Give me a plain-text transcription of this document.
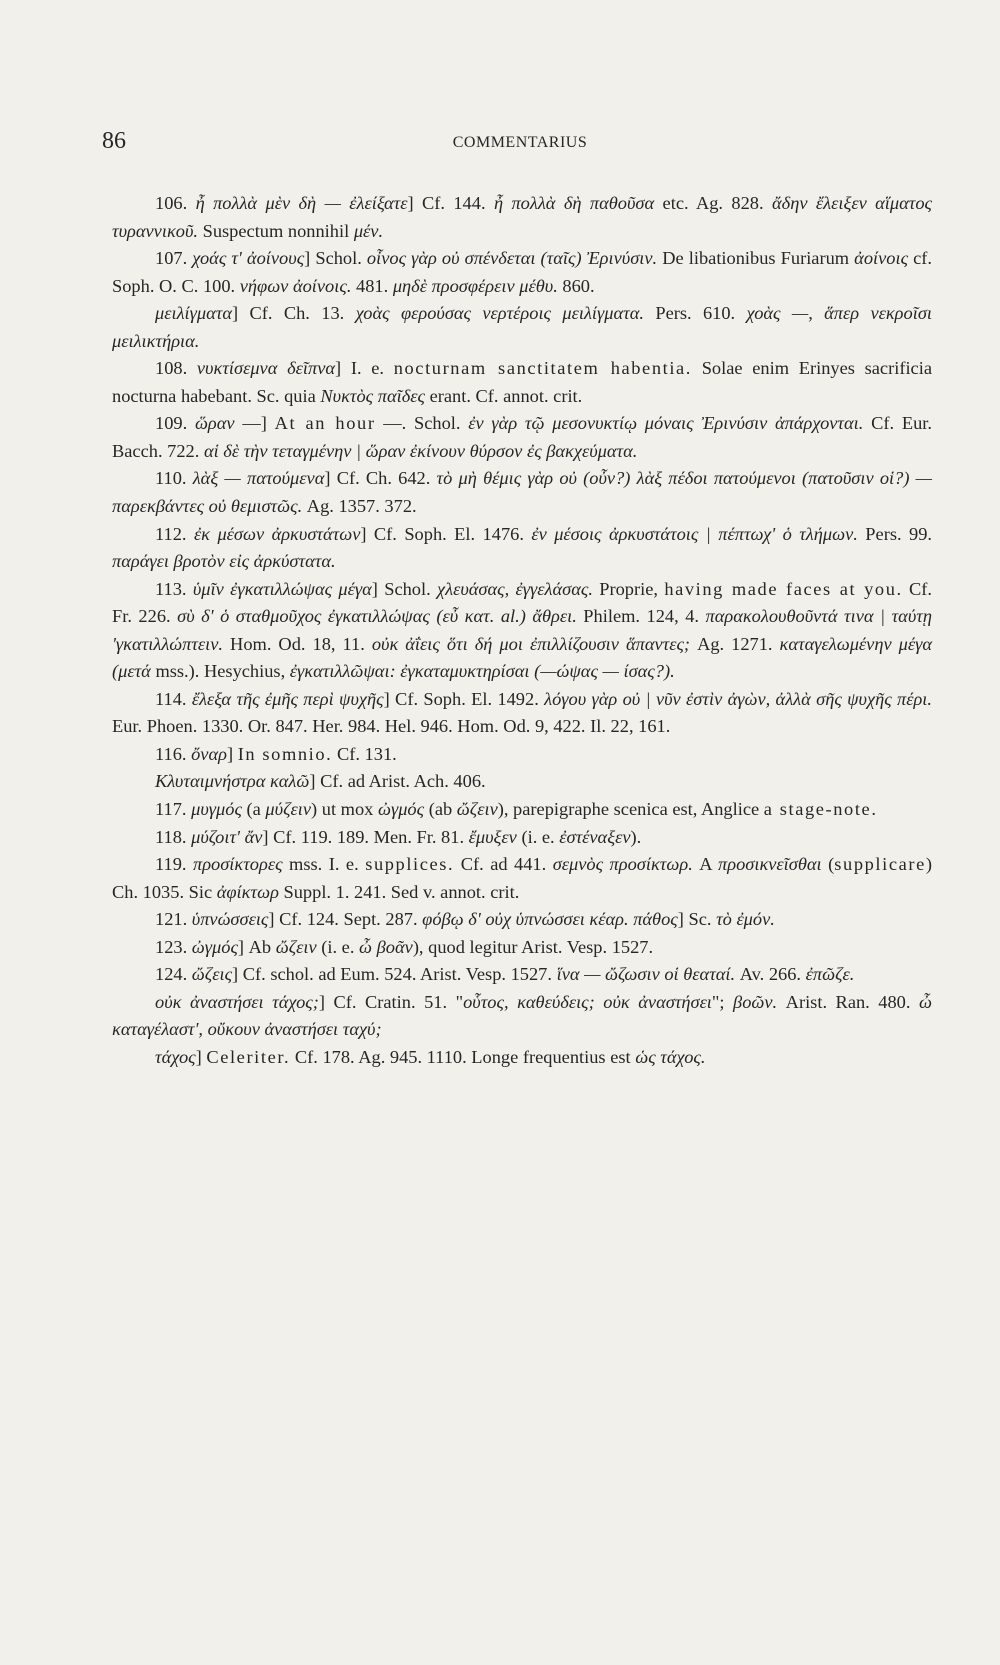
86	COMMENTARIUS

106. ἦ πολλὰ μὲν δὴ — ἐλείξατε] Cf. 144. ἦ πολλὰ δὴ παθοῦσα etc. Ag. 828. ἄδην ἔλειξεν αἵματος τυραννικοῦ. Suspectum nonnihil μέν.

107. χοάς τ' ἀοίνους] Schol. οἶνος γὰρ οὐ σπένδεται (ταῖς) Ἐρινύσιν. De libationibus Furiarum ἀοίνοις cf. Soph. O. C. 100. νήφων ἀοίνοις. 481. μηδὲ προσφέρειν μέθυ. 860.

μειλίγματα] Cf. Ch. 13. χοὰς φερούσας νερτέροις μειλίγματα. Pers. 610. χοὰς —, ἅπερ νεκροῖσι μειλικτήρια.

108. νυκτίσεμνα δεῖπνα] I. e. nocturnam sanctitatem habentia. Solae enim Erinyes sacrificia nocturna habebant. Sc. quia Νυκτὸς παῖδες erant. Cf. annot. crit.

109. ὥραν —] At an hour —. Schol. ἐν γὰρ τῷ μεσονυκτίῳ μόναις Ἐρινύσιν ἀπάρχονται. Cf. Eur. Bacch. 722. αἱ δὲ τὴν τεταγμένην | ὥραν ἐκίνουν θύρσον ἐς βακχεύματα.

110. λὰξ — πατούμενα] Cf. Ch. 642. τὸ μὴ θέμις γὰρ οὐ (οὖν?) λὰξ πέδοι πατούμενοι (πατοῦσιν οἱ?) — παρεκβάντες οὐ θεμιστῶς. Ag. 1357. 372.

112. ἐκ μέσων ἀρκυστάτων] Cf. Soph. El. 1476. ἐν μέσοις ἀρκυστάτοις | πέπτωχ' ὁ τλήμων. Pers. 99. παράγει βροτὸν εἰς ἀρκύστατα.

113. ὑμῖν ἐγκατιλλώψας μέγα] Schol. χλευάσας, ἐγγελάσας. Proprie, having made faces at you. Cf. Fr. 226. σὺ δ' ὁ σταθμοῦχος ἐγκατιλλώψας (εὖ κατ. al.) ἄθρει. Philem. 124, 4. παρακολουθοῦντά τινα | ταύτῃ 'γκατιλλώπτειν. Hom. Od. 18, 11. οὐκ ἀΐεις ὅτι δή μοι ἐπιλλίζουσιν ἅπαντες; Ag. 1271. καταγελωμένην μέγα (μετά mss.). Hesychius, ἐγκατιλλῶψαι: ἐγκαταμυκτηρίσαι (—ώψας — ίσας?).

114. ἔλεξα τῆς ἐμῆς περὶ ψυχῆς] Cf. Soph. El. 1492. λόγου γὰρ οὐ | νῦν ἐστὶν ἀγὼν, ἀλλὰ σῆς ψυχῆς πέρι. Eur. Phoen. 1330. Or. 847. Her. 984. Hel. 946. Hom. Od. 9, 422. Il. 22, 161.

116. ὄναρ] In somnio. Cf. 131.

Κλυταιμνήστρα καλῶ] Cf. ad Arist. Ach. 406.

117. μυγμός (a μύζειν) ut mox ὠγμός (ab ὤζειν), parepigraphe scenica est, Anglice a stage-note.

118. μύζοιτ' ἄν] Cf. 119. 189. Men. Fr. 81. ἔμυξεν (i. e. ἐστέναξεν).

119. προσίκτορες mss. I. e. supplices. Cf. ad 441. σεμνὸς προσίκτωρ. A προσικνεῖσθαι (supplicare) Ch. 1035. Sic ἀφίκτωρ Suppl. 1. 241. Sed v. annot. crit.

121. ὑπνώσσεις] Cf. 124. Sept. 287. φόβῳ δ' οὐχ ὑπνώσσει κέαρ. πάθος] Sc. τὸ ἐμόν.

123. ὠγμός] Ab ὤζειν (i. e. ὦ βοᾶν), quod legitur Arist. Vesp. 1527.

124. ὤζεις] Cf. schol. ad Eum. 524. Arist. Vesp. 1527. ἵνα — ὤζωσιν οἱ θεαταί. Av. 266. ἐπῶζε.

οὐκ ἀναστήσει τάχος;] Cf. Cratin. 51. "οὗτος, καθεύδεις; οὐκ ἀναστήσει"; βοῶν. Arist. Ran. 480. ὦ καταγέλαστ', οὔκουν ἀναστήσει ταχύ;

τάχος] Celeriter. Cf. 178. Ag. 945. 1110. Longe frequentius est ὡς τάχος.
